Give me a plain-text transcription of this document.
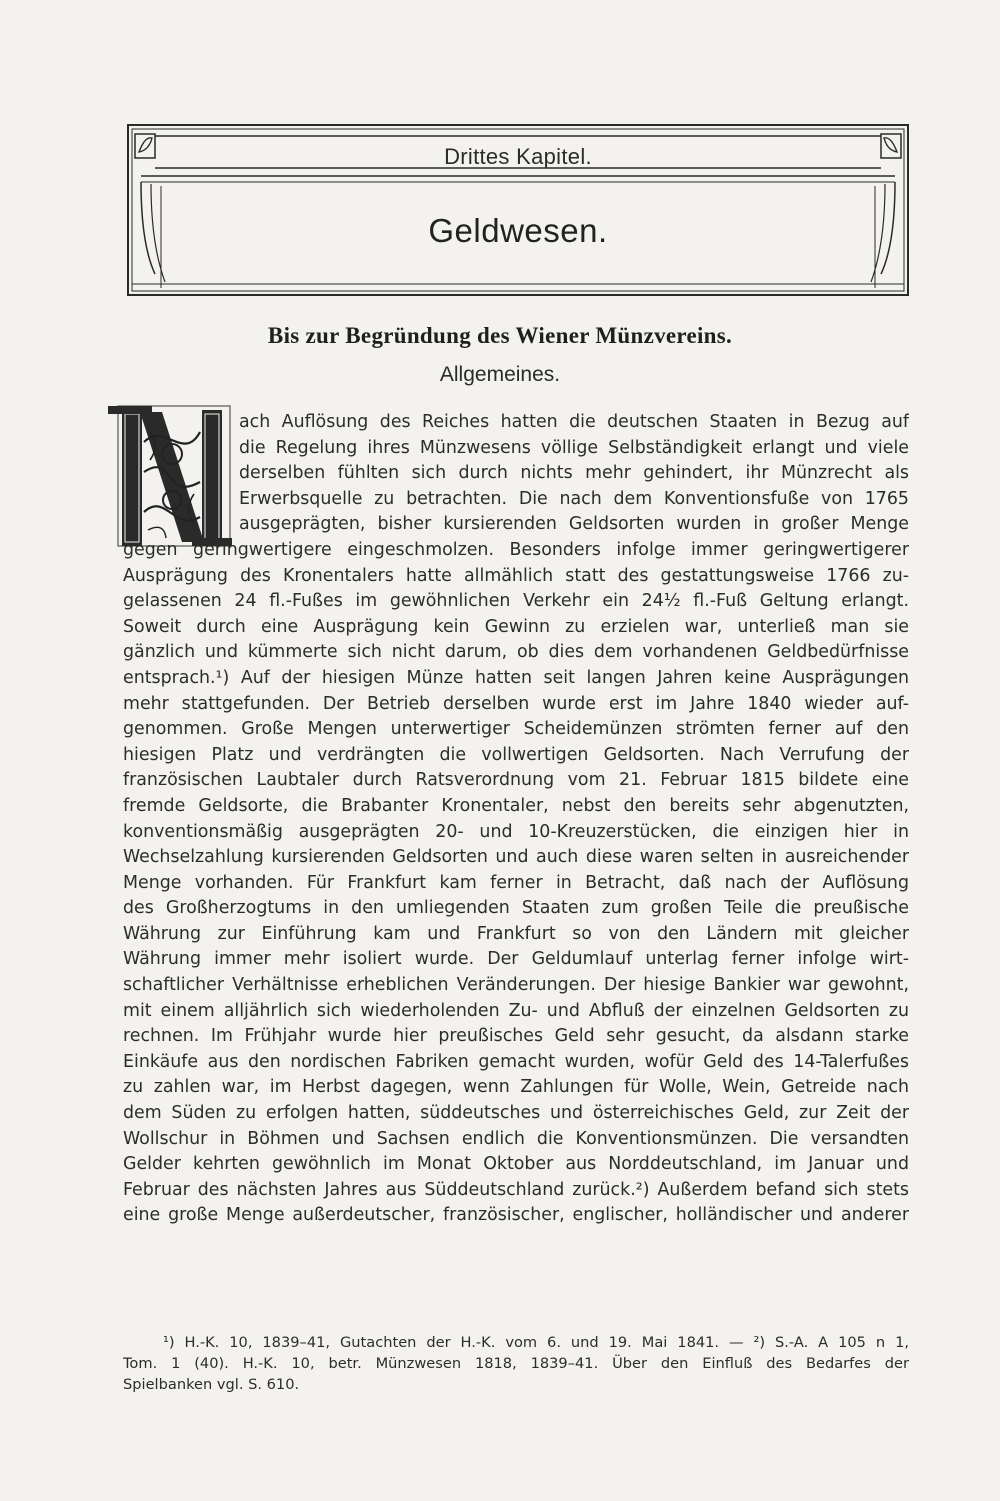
Drittes Kapitel.
Geldwesen.
Bis zur Begründung des Wiener Münzvereins.
Allgemeines.
ach Auflösung des Reiches hatten die deutschen Staaten in Bezug auf
die Regelung ihres Münzwesens völlige Selbständigkeit erlangt und viele
derselben fühlten sich durch nichts mehr gehindert, ihr Münzrecht als
Erwerbsquelle zu betrachten. Die nach dem Konventionsfuße von 1765
ausgeprägten, bisher kursierenden Geldsorten wurden in großer Menge
gegen geringwertigere eingeschmolzen. Besonders infolge immer geringwertigerer
Ausprägung des Kronentalers hatte allmählich statt des gestattungsweise 1766 zu-
gelassenen 24 fl.-Fußes im gewöhnlichen Verkehr ein 24½ fl.-Fuß Geltung erlangt.
Soweit durch eine Ausprägung kein Gewinn zu erzielen war, unterließ man sie
gänzlich und kümmerte sich nicht darum, ob dies dem vorhandenen Geldbedürfnisse
entsprach.¹) Auf der hiesigen Münze hatten seit langen Jahren keine Ausprägungen
mehr stattgefunden. Der Betrieb derselben wurde erst im Jahre 1840 wieder auf-
genommen. Große Mengen unterwertiger Scheidemünzen strömten ferner auf den
hiesigen Platz und verdrängten die vollwertigen Geldsorten. Nach Verrufung der
französischen Laubtaler durch Ratsverordnung vom 21. Februar 1815 bildete eine
fremde Geldsorte, die Brabanter Kronentaler, nebst den bereits sehr abgenutzten,
konventionsmäßig ausgeprägten 20- und 10-Kreuzerstücken, die einzigen hier in
Wechselzahlung kursierenden Geldsorten und auch diese waren selten in ausreichender
Menge vorhanden. Für Frankfurt kam ferner in Betracht, daß nach der Auflösung
des Großherzogtums in den umliegenden Staaten zum großen Teile die preußische
Währung zur Einführung kam und Frankfurt so von den Ländern mit gleicher
Währung immer mehr isoliert wurde. Der Geldumlauf unterlag ferner infolge wirt-
schaftlicher Verhältnisse erheblichen Veränderungen. Der hiesige Bankier war gewohnt,
mit einem alljährlich sich wiederholenden Zu- und Abfluß der einzelnen Geldsorten zu
rechnen. Im Frühjahr wurde hier preußisches Geld sehr gesucht, da alsdann starke
Einkäufe aus den nordischen Fabriken gemacht wurden, wofür Geld des 14-Talerfußes
zu zahlen war, im Herbst dagegen, wenn Zahlungen für Wolle, Wein, Getreide nach
dem Süden zu erfolgen hatten, süddeutsches und österreichisches Geld, zur Zeit der
Wollschur in Böhmen und Sachsen endlich die Konventionsmünzen. Die versandten
Gelder kehrten gewöhnlich im Monat Oktober aus Norddeutschland, im Januar und
Februar des nächsten Jahres aus Süddeutschland zurück.²) Außerdem befand sich stets
eine große Menge außerdeutscher, französischer, englischer, holländischer und anderer
¹) H.-K. 10, 1839–41, Gutachten der H.-K. vom 6. und 19. Mai 1841. — ²) S.-A. A 105 n 1,
Tom. 1 (40). H.-K. 10, betr. Münzwesen 1818, 1839–41. Über den Einfluß des Bedarfes der
Spielbanken vgl. S. 610.
